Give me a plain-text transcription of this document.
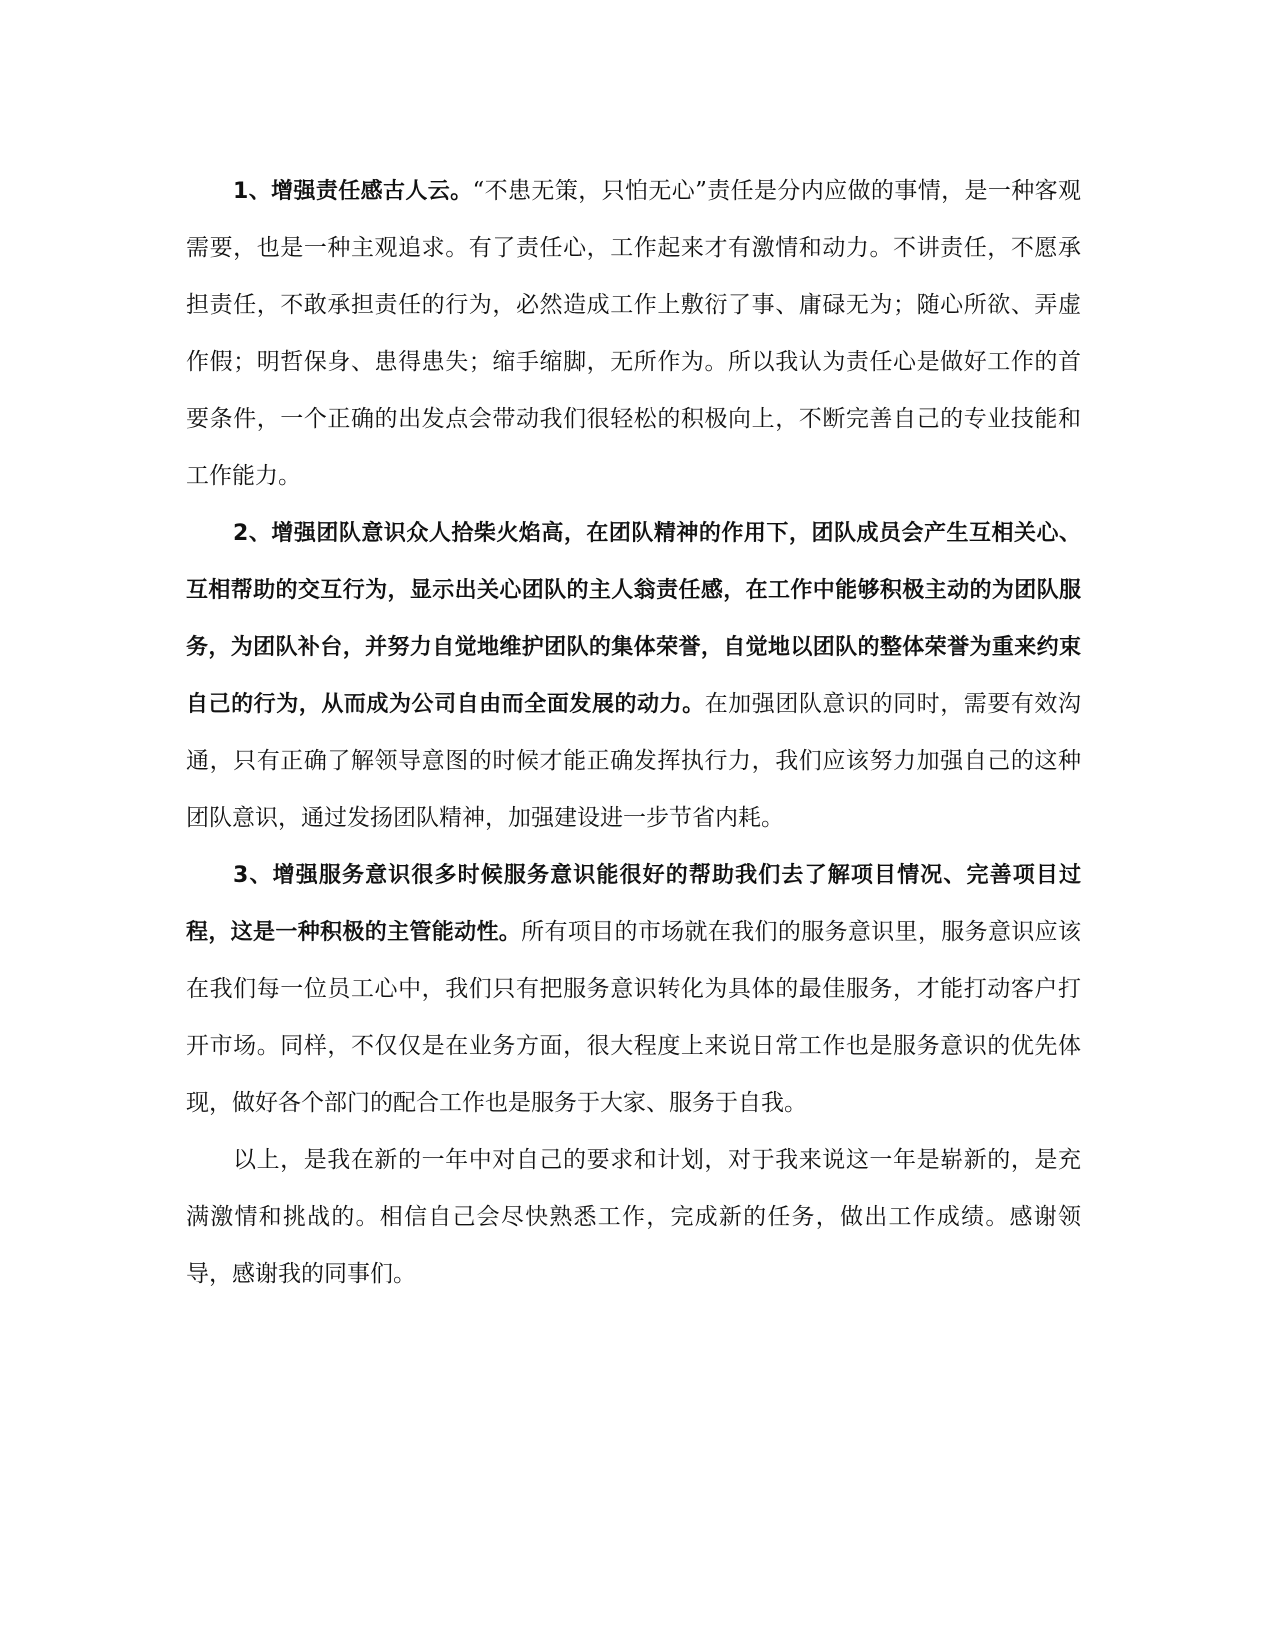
1、增强责任感古人云。“不患无策，只怕无心”责任是分内应做的事情，是一种客观需要，也是一种主观追求。有了责任心，工作起来才有激情和动力。不讲责任，不愿承担责任，不敢承担责任的行为，必然造成工作上敷衍了事、庸碌无为；随心所欲、弄虚作假；明哲保身、患得患失；缩手缩脚，无所作为。所以我认为责任心是做好工作的首要条件，一个正确的出发点会带动我们很轻松的积极向上，不断完善自己的专业技能和工作能力。

2、增强团队意识众人拾柴火焰高，在团队精神的作用下，团队成员会产生互相关心、互相帮助的交互行为，显示出关心团队的主人翁责任感，在工作中能够积极主动的为团队服务，为团队补台，并努力自觉地维护团队的集体荣誉，自觉地以团队的整体荣誉为重来约束自己的行为，从而成为公司自由而全面发展的动力。在加强团队意识的同时，需要有效沟通，只有正确了解领导意图的时候才能正确发挥执行力，我们应该努力加强自己的这种团队意识，通过发扬团队精神，加强建设进一步节省内耗。

3、增强服务意识很多时候服务意识能很好的帮助我们去了解项目情况、完善项目过程，这是一种积极的主管能动性。所有项目的市场就在我们的服务意识里，服务意识应该在我们每一位员工心中，我们只有把服务意识转化为具体的最佳服务，才能打动客户打开市场。同样，不仅仅是在业务方面，很大程度上来说日常工作也是服务意识的优先体现，做好各个部门的配合工作也是服务于大家、服务于自我。

以上，是我在新的一年中对自己的要求和计划，对于我来说这一年是崭新的，是充满激情和挑战的。相信自己会尽快熟悉工作，完成新的任务，做出工作成绩。感谢领导，感谢我的同事们。
